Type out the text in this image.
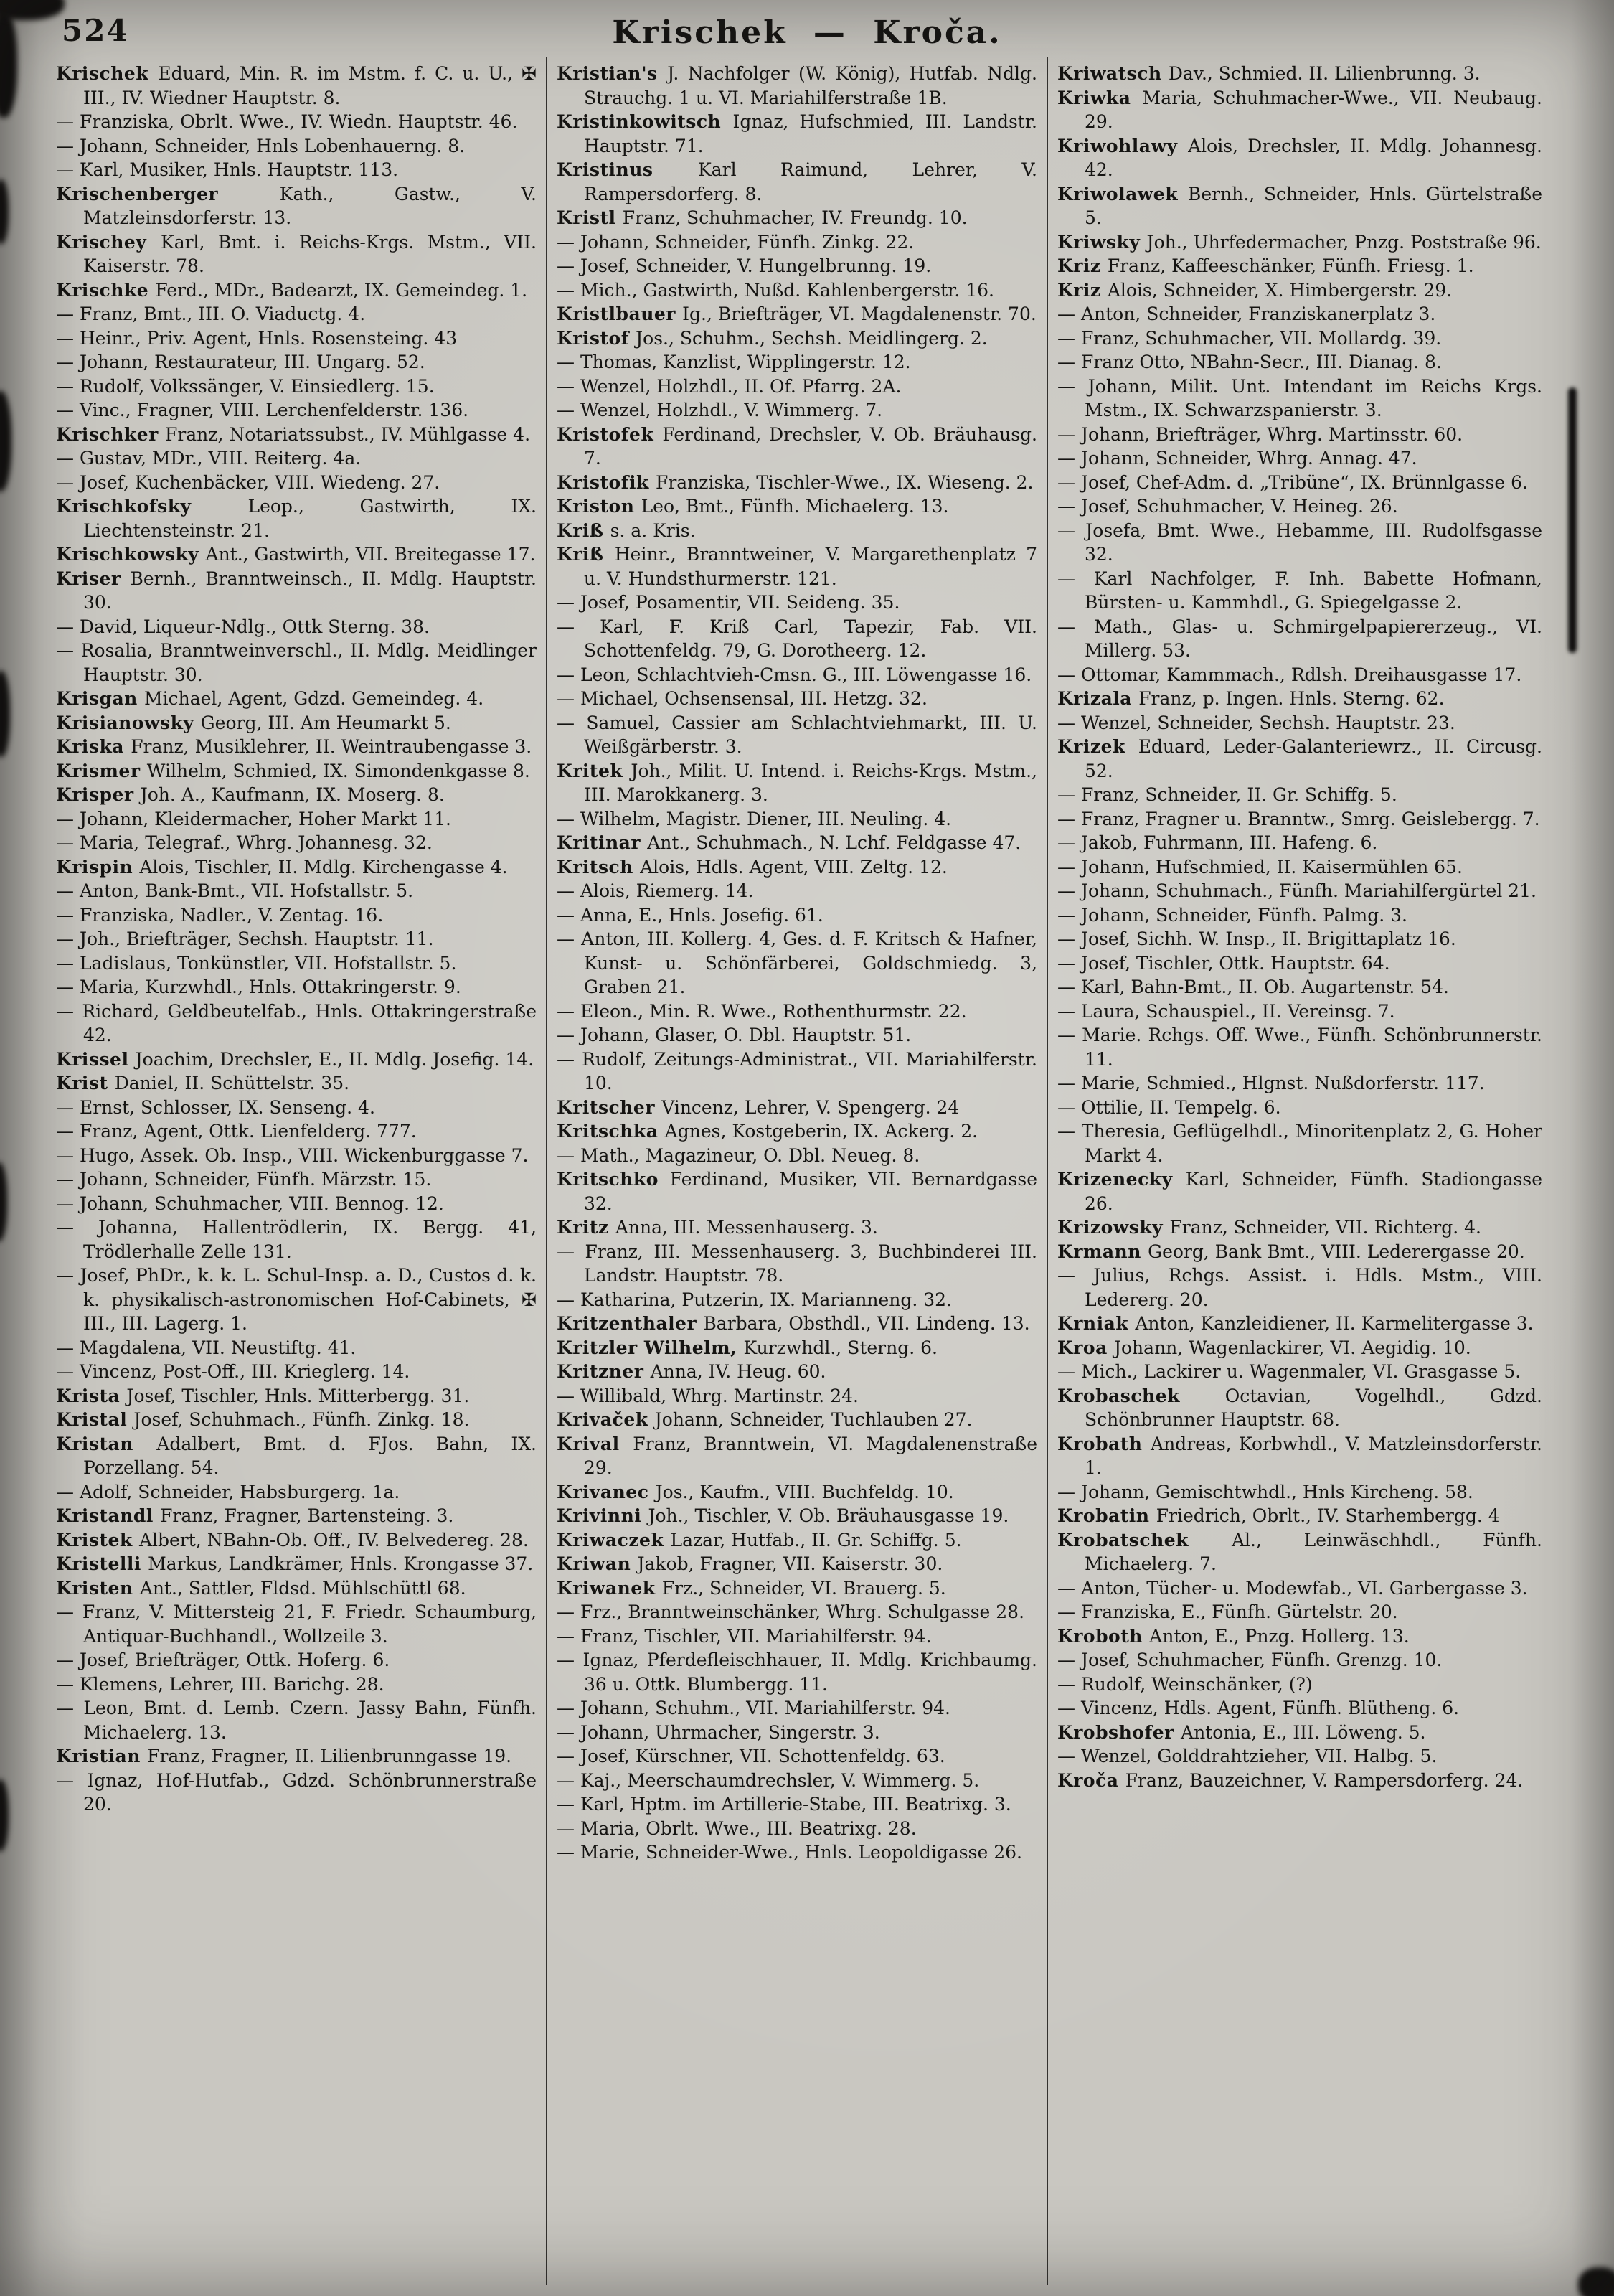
524	Krischek — Kroča.
Krischek Eduard, Min. R. im Mstm. f. C. u. U., ✠ III., IV. Wiedner Hauptstr. 8.
— Franziska, Obrlt. Wwe., IV. Wiedn. Hauptstr. 46.
— Johann, Schneider, Hnls Lobenhauerng. 8.
— Karl, Musiker, Hnls. Hauptstr. 113.
Krischenberger Kath., Gastw., V. Matzleinsdorferstr. 13.
Krischey Karl, Bmt. i. Reichs-Krgs. Mstm., VII. Kaiserstr. 78.
Krischke Ferd., MDr., Badearzt, IX. Gemeindeg. 1.
— Franz, Bmt., III. O. Viaductg. 4.
— Heinr., Priv. Agent, Hnls. Rosensteing. 43
— Johann, Restaurateur, III. Ungarg. 52.
— Rudolf, Volkssänger, V. Einsiedlerg. 15.
— Vinc., Fragner, VIII. Lerchenfelderstr. 136.
Krischker Franz, Notariatssubst., IV. Mühlgasse 4.
— Gustav, MDr., VIII. Reiterg. 4a.
— Josef, Kuchenbäcker, VIII. Wiedeng. 27.
Krischkofsky Leop., Gastwirth, IX. Liechtensteinstr. 21.
Krischkowsky Ant., Gastwirth, VII. Breitegasse 17.
Kriser Bernh., Branntweinsch., II. Mdlg. Hauptstr. 30.
— David, Liqueur-Ndlg., Ottk Sterng. 38.
— Rosalia, Branntweinverschl., II. Mdlg. Meidlinger Hauptstr. 30.
Krisgan Michael, Agent, Gdzd. Gemeindeg. 4.
Krisianowsky Georg, III. Am Heumarkt 5.
Kriska Franz, Musiklehrer, II. Weintraubengasse 3.
Krismer Wilhelm, Schmied, IX. Simondenkgasse 8.
Krisper Joh. A., Kaufmann, IX. Moserg. 8.
— Johann, Kleidermacher, Hoher Markt 11.
— Maria, Telegraf., Whrg. Johannesg. 32.
Krispin Alois, Tischler, II. Mdlg. Kirchengasse 4.
— Anton, Bank-Bmt., VII. Hofstallstr. 5.
— Franziska, Nadler., V. Zentag. 16.
— Joh., Briefträger, Sechsh. Hauptstr. 11.
— Ladislaus, Tonkünstler, VII. Hofstallstr. 5.
— Maria, Kurzwhdl., Hnls. Ottakringerstr. 9.
— Richard, Geldbeutelfab., Hnls. Ottakringerstraße 42.
Krissel Joachim, Drechsler, E., II. Mdlg. Josefig. 14.
Krist Daniel, II. Schüttelstr. 35.
— Ernst, Schlosser, IX. Senseng. 4.
— Franz, Agent, Ottk. Lienfelderg. 777.
— Hugo, Assek. Ob. Insp., VIII. Wickenburggasse 7.
— Johann, Schneider, Fünfh. Märzstr. 15.
— Johann, Schuhmacher, VIII. Bennog. 12.
— Johanna, Hallentrödlerin, IX. Bergg. 41, Trödlerhalle Zelle 131.
— Josef, PhDr., k. k. L. Schul-Insp. a. D., Custos d. k. k. physikalisch-astronomischen Hof-Cabinets, ✠ III., III. Lagerg. 1.
— Magdalena, VII. Neustiftg. 41.
— Vincenz, Post-Off., III. Krieglerg. 14.
Krista Josef, Tischler, Hnls. Mitterbergg. 31.
Kristal Josef, Schuhmach., Fünfh. Zinkg. 18.
Kristan Adalbert, Bmt. d. FJos. Bahn, IX. Porzellang. 54.
— Adolf, Schneider, Habsburgerg. 1a.
Kristandl Franz, Fragner, Bartensteing. 3.
Kristek Albert, NBahn-Ob. Off., IV. Belvedereg. 28.
Kristelli Markus, Landkrämer, Hnls. Krongasse 37.
Kristen Ant., Sattler, Fldsd. Mühlschüttl 68.
— Franz, V. Mittersteig 21, F. Friedr. Schaumburg, Antiquar-Buchhandl., Wollzeile 3.
— Josef, Briefträger, Ottk. Hoferg. 6.
— Klemens, Lehrer, III. Barichg. 28.
— Leon, Bmt. d. Lemb. Czern. Jassy Bahn, Fünfh. Michaelerg. 13.
Kristian Franz, Fragner, II. Lilienbrunngasse 19.
— Ignaz, Hof-Hutfab., Gdzd. Schönbrunnerstraße 20.
Kristian's J. Nachfolger (W. König), Hutfab. Ndlg. Strauchg. 1 u. VI. Mariahilferstraße 1B.
Kristinkowitsch Ignaz, Hufschmied, III. Landstr. Hauptstr. 71.
Kristinus Karl Raimund, Lehrer, V. Rampersdorferg. 8.
Kristl Franz, Schuhmacher, IV. Freundg. 10.
— Johann, Schneider, Fünfh. Zinkg. 22.
— Josef, Schneider, V. Hungelbrunng. 19.
— Mich., Gastwirth, Nußd. Kahlenbergerstr. 16.
Kristlbauer Ig., Briefträger, VI. Magdalenenstr. 70.
Kristof Jos., Schuhm., Sechsh. Meidlingerg. 2.
— Thomas, Kanzlist, Wipplingerstr. 12.
— Wenzel, Holzhdl., II. Of. Pfarrg. 2A.
— Wenzel, Holzhdl., V. Wimmerg. 7.
Kristofek Ferdinand, Drechsler, V. Ob. Bräuhausg. 7.
Kristofik Franziska, Tischler-Wwe., IX. Wieseng. 2.
Kriston Leo, Bmt., Fünfh. Michaelerg. 13.
Kriß s. a. Kris.
Kriß Heinr., Branntweiner, V. Margarethenplatz 7 u. V. Hundsthurmerstr. 121.
— Josef, Posamentir, VII. Seideng. 35.
— Karl, F. Kriß Carl, Tapezir, Fab. VII. Schottenfeldg. 79, G. Dorotheerg. 12.
— Leon, Schlachtvieh-Cmsn. G., III. Löwengasse 16.
— Michael, Ochsensensal, III. Hetzg. 32.
— Samuel, Cassier am Schlachtviehmarkt, III. U. Weißgärberstr. 3.
Kritek Joh., Milit. U. Intend. i. Reichs-Krgs. Mstm., III. Marokkanerg. 3.
— Wilhelm, Magistr. Diener, III. Neuling. 4.
Kritinar Ant., Schuhmach., N. Lchf. Feldgasse 47.
Kritsch Alois, Hdls. Agent, VIII. Zeltg. 12.
— Alois, Riemerg. 14.
— Anna, E., Hnls. Josefig. 61.
— Anton, III. Kollerg. 4, Ges. d. F. Kritsch & Hafner, Kunst- u. Schönfärberei, Goldschmiedg. 3, Graben 21.
— Eleon., Min. R. Wwe., Rothenthurmstr. 22.
— Johann, Glaser, O. Dbl. Hauptstr. 51.
— Rudolf, Zeitungs-Administrat., VII. Mariahilferstr. 10.
Kritscher Vincenz, Lehrer, V. Spengerg. 24
Kritschka Agnes, Kostgeberin, IX. Ackerg. 2.
— Math., Magazineur, O. Dbl. Neueg. 8.
Kritschko Ferdinand, Musiker, VII. Bernardgasse 32.
Kritz Anna, III. Messenhauserg. 3.
— Franz, III. Messenhauserg. 3, Buchbinderei III. Landstr. Hauptstr. 78.
— Katharina, Putzerin, IX. Marianneng. 32.
Kritzenthaler Barbara, Obsthdl., VII. Lindeng. 13.
Kritzler Wilhelm, Kurzwhdl., Sterng. 6.
Kritzner Anna, IV. Heug. 60.
— Willibald, Whrg. Martinstr. 24.
Krivaček Johann, Schneider, Tuchlauben 27.
Krival Franz, Branntwein, VI. Magdalenenstraße 29.
Krivanec Jos., Kaufm., VIII. Buchfeldg. 10.
Krivinni Joh., Tischler, V. Ob. Bräuhausgasse 19.
Kriwaczek Lazar, Hutfab., II. Gr. Schiffg. 5.
Kriwan Jakob, Fragner, VII. Kaiserstr. 30.
Kriwanek Frz., Schneider, VI. Brauerg. 5.
— Frz., Branntweinschänker, Whrg. Schulgasse 28.
— Franz, Tischler, VII. Mariahilferstr. 94.
— Ignaz, Pferdefleischhauer, II. Mdlg. Krichbaumg. 36 u. Ottk. Blumbergg. 11.
— Johann, Schuhm., VII. Mariahilferstr. 94.
— Johann, Uhrmacher, Singerstr. 3.
— Josef, Kürschner, VII. Schottenfeldg. 63.
— Kaj., Meerschaumdrechsler, V. Wimmerg. 5.
— Karl, Hptm. im Artillerie-Stabe, III. Beatrixg. 3.
— Maria, Obrlt. Wwe., III. Beatrixg. 28.
— Marie, Schneider-Wwe., Hnls. Leopoldigasse 26.
Kriwatsch Dav., Schmied. II. Lilienbrunng. 3.
Kriwka Maria, Schuhmacher-Wwe., VII. Neubaug. 29.
Kriwohlawy Alois, Drechsler, II. Mdlg. Johannesg. 42.
Kriwolawek Bernh., Schneider, Hnls. Gürtelstraße 5.
Kriwsky Joh., Uhrfedermacher, Pnzg. Poststraße 96.
Kriz Franz, Kaffeeschänker, Fünfh. Friesg. 1.
Kriz Alois, Schneider, X. Himbergerstr. 29.
— Anton, Schneider, Franziskanerplatz 3.
— Franz, Schuhmacher, VII. Mollardg. 39.
— Franz Otto, NBahn-Secr., III. Dianag. 8.
— Johann, Milit. Unt. Intendant im Reichs Krgs. Mstm., IX. Schwarzspanierstr. 3.
— Johann, Briefträger, Whrg. Martinsstr. 60.
— Johann, Schneider, Whrg. Annag. 47.
— Josef, Chef-Adm. d. „Tribüne“, IX. Brünnlgasse 6.
— Josef, Schuhmacher, V. Heineg. 26.
— Josefa, Bmt. Wwe., Hebamme, III. Rudolfsgasse 32.
— Karl Nachfolger, F. Inh. Babette Hofmann, Bürsten- u. Kammhdl., G. Spiegelgasse 2.
— Math., Glas- u. Schmirgelpapiererzeug., VI. Millerg. 53.
— Ottomar, Kammmach., Rdlsh. Dreihausgasse 17.
Krizala Franz, p. Ingen. Hnls. Sterng. 62.
— Wenzel, Schneider, Sechsh. Hauptstr. 23.
Krizek Eduard, Leder-Galanteriewrz., II. Circusg. 52.
— Franz, Schneider, II. Gr. Schiffg. 5.
— Franz, Fragner u. Branntw., Smrg. Geislebergg. 7.
— Jakob, Fuhrmann, III. Hafeng. 6.
— Johann, Hufschmied, II. Kaisermühlen 65.
— Johann, Schuhmach., Fünfh. Mariahilfergürtel 21.
— Johann, Schneider, Fünfh. Palmg. 3.
— Josef, Sichh. W. Insp., II. Brigittaplatz 16.
— Josef, Tischler, Ottk. Hauptstr. 64.
— Karl, Bahn-Bmt., II. Ob. Augartenstr. 54.
— Laura, Schauspiel., II. Vereinsg. 7.
— Marie. Rchgs. Off. Wwe., Fünfh. Schönbrunnerstr. 11.
— Marie, Schmied., Hlgnst. Nußdorferstr. 117.
— Ottilie, II. Tempelg. 6.
— Theresia, Geflügelhdl., Minoritenplatz 2, G. Hoher Markt 4.
Krizenecky Karl, Schneider, Fünfh. Stadiongasse 26.
Krizowsky Franz, Schneider, VII. Richterg. 4.
Krmann Georg, Bank Bmt., VIII. Lederergasse 20.
— Julius, Rchgs. Assist. i. Hdls. Mstm., VIII. Ledererg. 20.
Krniak Anton, Kanzleidiener, II. Karmelitergasse 3.
Kroa Johann, Wagenlackirer, VI. Aegidig. 10.
— Mich., Lackirer u. Wagenmaler, VI. Grasgasse 5.
Krobaschek Octavian, Vogelhdl., Gdzd. Schönbrunner Hauptstr. 68.
Krobath Andreas, Korbwhdl., V. Matzleinsdorferstr. 1.
— Johann, Gemischtwhdl., Hnls Kircheng. 58.
Krobatin Friedrich, Obrlt., IV. Starhembergg. 4
Krobatschek Al., Leinwäschhdl., Fünfh. Michaelerg. 7.
— Anton, Tücher- u. Modewfab., VI. Garbergasse 3.
— Franziska, E., Fünfh. Gürtelstr. 20.
Kroboth Anton, E., Pnzg. Hollerg. 13.
— Josef, Schuhmacher, Fünfh. Grenzg. 10.
— Rudolf, Weinschänker, (?)
— Vincenz, Hdls. Agent, Fünfh. Blütheng. 6.
Krobshofer Antonia, E., III. Löweng. 5.
— Wenzel, Golddrahtzieher, VII. Halbg. 5.
Kroča Franz, Bauzeichner, V. Rampersdorferg. 24.
